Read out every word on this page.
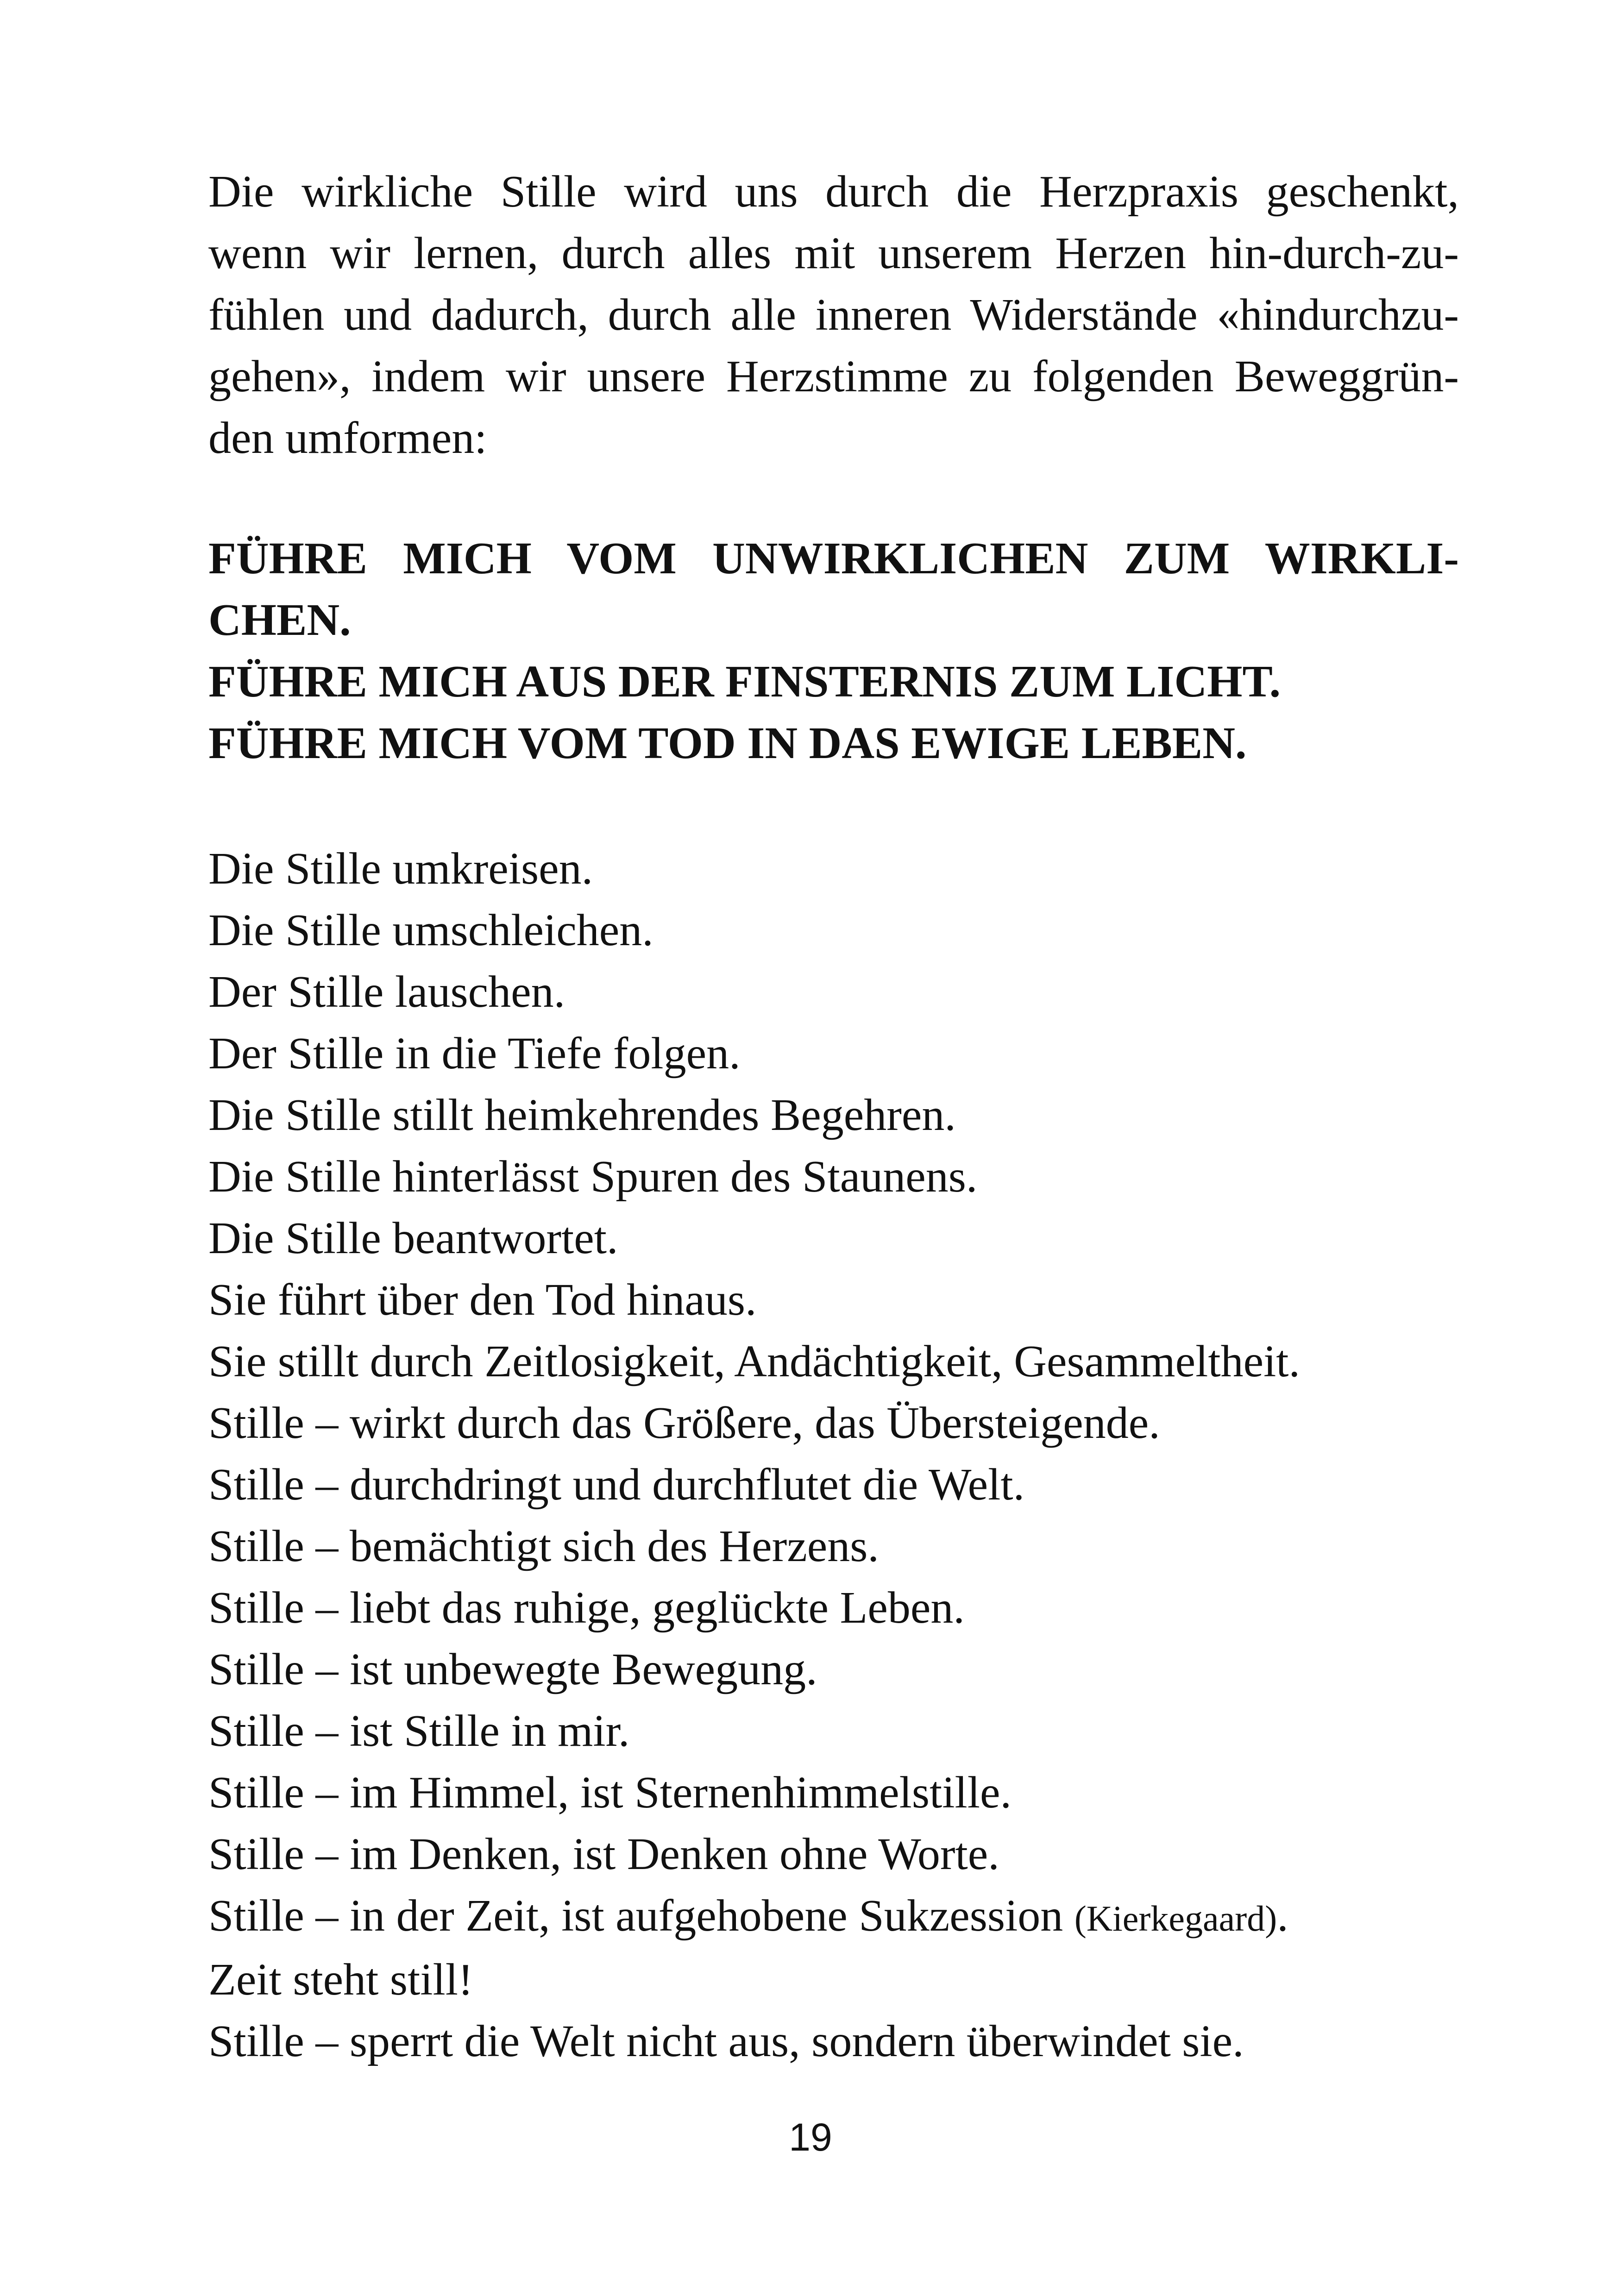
Die wirkliche Stille wird uns durch die Herzpraxis geschenkt,
wenn wir lernen, durch alles mit unserem Herzen hin-durch-zu-
fühlen und dadurch, durch alle inneren Widerstände «hindurchzu-
gehen», indem wir unsere Herzstimme zu folgenden Beweggrün-
den umformen:
FÜHRE MICH VOM UNWIRKLICHEN ZUM WIRKLI-
CHEN.
FÜHRE MICH AUS DER FINSTERNIS ZUM LICHT.
FÜHRE MICH VOM TOD IN DAS EWIGE LEBEN.
Die Stille umkreisen.
Die Stille umschleichen.
Der Stille lauschen.
Der Stille in die Tiefe folgen.
Die Stille stillt heimkehrendes Begehren.
Die Stille hinterlässt Spuren des Staunens.
Die Stille beantwortet.
Sie führt über den Tod hinaus.
Sie stillt durch Zeitlosigkeit, Andächtigkeit, Gesammeltheit.
Stille – wirkt durch das Größere, das Übersteigende.
Stille – durchdringt und durchflutet die Welt.
Stille – bemächtigt sich des Herzens.
Stille – liebt das ruhige, geglückte Leben.
Stille – ist unbewegte Bewegung.
Stille – ist Stille in mir.
Stille – im Himmel, ist Sternenhimmelstille.
Stille – im Denken, ist Denken ohne Worte.
Stille – in der Zeit, ist aufgehobene Sukzession (Kierkegaard).
Zeit steht still!
Stille – sperrt die Welt nicht aus, sondern überwindet sie.
19
